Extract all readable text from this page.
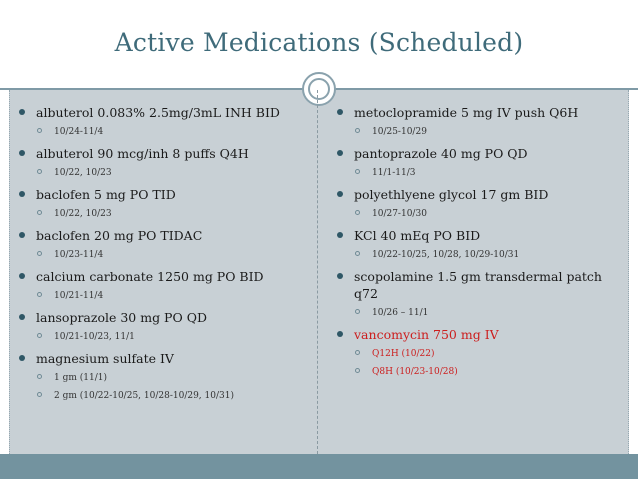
Active Medications (Scheduled)
albuterol 0.083% 2.5mg/3mL INH BID
10/24-11/4
albuterol 90 mcg/inh 8 puffs Q4H
10/22, 10/23
baclofen 5 mg PO TID
10/22, 10/23
baclofen 20 mg PO TIDAC
10/23-11/4
calcium carbonate 1250 mg PO BID
10/21-11/4
lansoprazole 30 mg PO QD
10/21-10/23, 11/1
magnesium sulfate IV
1 gm (11/1)
2 gm (10/22-10/25, 10/28-10/29, 10/31)
metoclopramide 5 mg IV push Q6H
10/25-10/29
pantoprazole 40 mg PO QD
11/1-11/3
polyethlyene glycol 17 gm BID
10/27-10/30
KCl 40 mEq PO BID
10/22-10/25, 10/28, 10/29-10/31
scopolamine 1.5 gm transdermal patch q72
10/26 – 11/1
vancomycin 750 mg IV
Q12H (10/22)
Q8H (10/23-10/28)
